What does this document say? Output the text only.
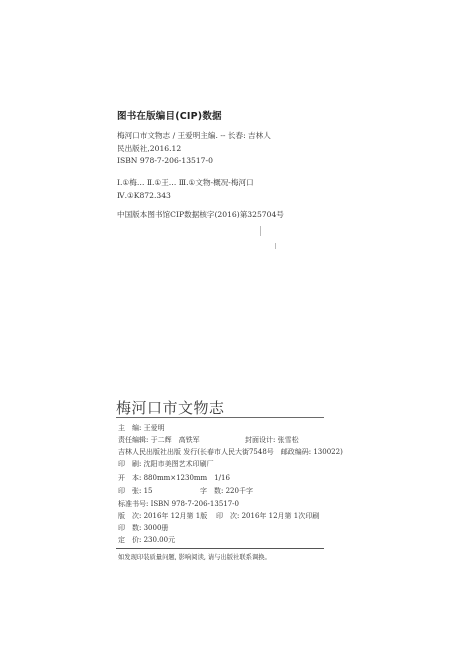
图书在版编目(CIP)数据
梅河口市文物志 / 王爱明主编. -- 长春: 吉林人
民出版社,2016.12
ISBN 978-7-206-13517-0
Ⅰ.①梅… Ⅱ.①王… Ⅲ.①文物-概况-梅河口
Ⅳ.①K872.343
中国版本图书馆CIP数据核字(2016)第325704号
梅河口市文物志
主　编: 王爱明
责任编辑: 于二辉　高铁军	封面设计: 张雪松
吉林人民出版社出版 发行(长春市人民大街7548号　邮政编码: 130022)
印　刷: 沈阳市美图艺术印刷厂
开　本: 880mm×1230mm　1/16
印　张: 15	字　数: 220千字
标准书号: ISBN 978-7-206-13517-0
版　次: 2016年 12月第 1版 印　次: 2016年 12月第 1次印刷
印　数: 3000册
定　价: 230.00元
如发现印装质量问题, 影响阅读, 请与出版社联系调换。
